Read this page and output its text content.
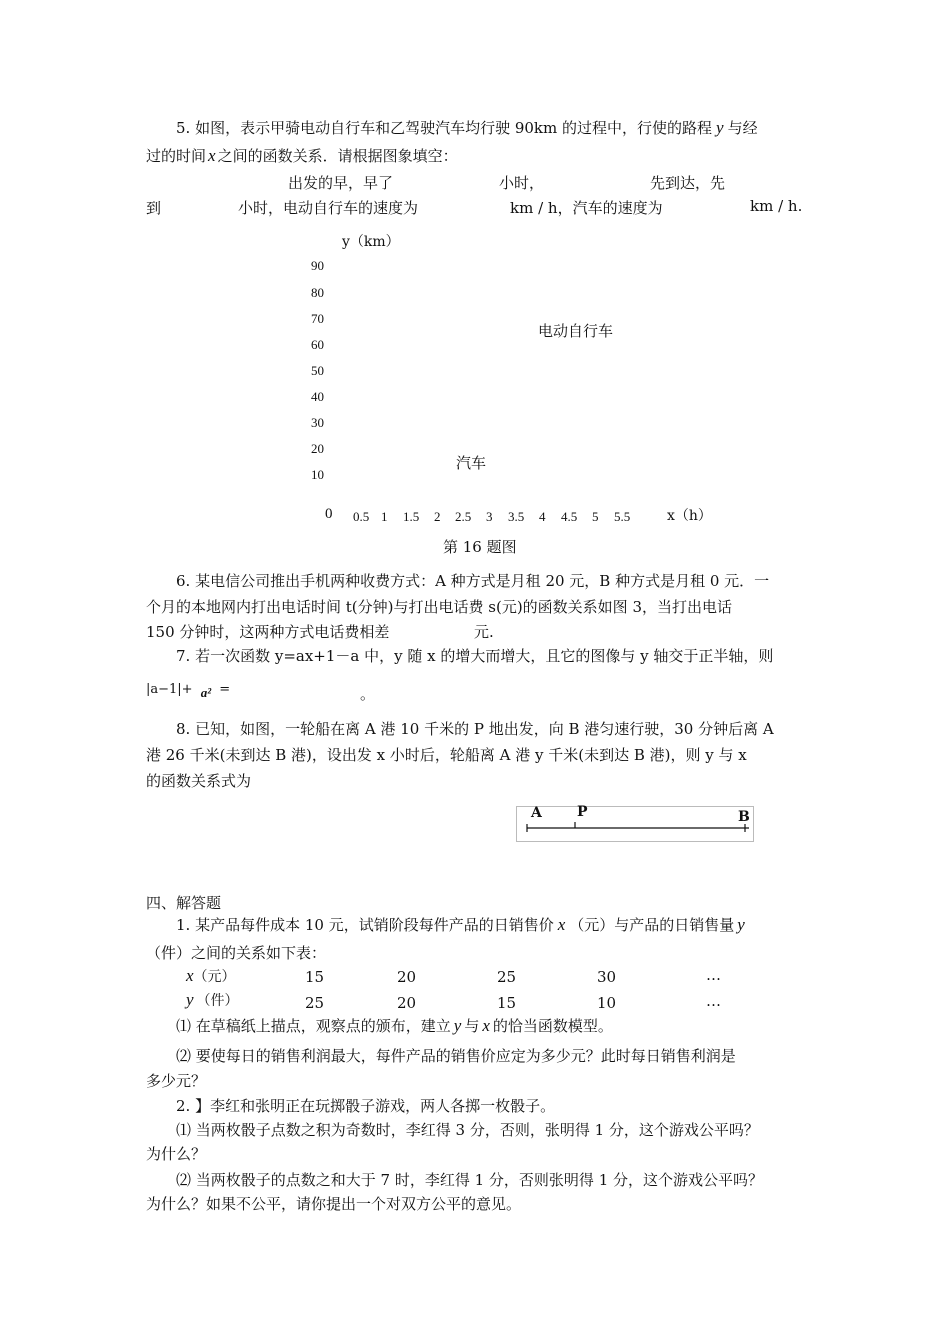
5. 如图，表示甲骑电动自行车和乙驾驶汽车均行驶 90km 的过程中，行使的路程 y 与经
过的时间 x 之间的函数关系．请根据图象填空：
出发的早，早了	小时，	先到达，先
到	小时，电动自行车的速度为	km / h，汽车的速度为	km / h.
y（km）
90
80
70
60
50
40
30
20
10
电动自行车
汽车
0 0.5 1 1.5 2 2.5 3 3.5 4 4.5 5 5.5	x（h）
第 16 题图
6. 某电信公司推出手机两种收费方式：A 种方式是月租 20 元，B 种方式是月租 0 元．一
个月的本地网内打出电话时间 t(分钟)与打出电话费 s(元)的函数关系如图 3，当打出电话
150 分钟时，这两种方式电话费相差	元.
7. 若一次函数 y=ax+1－a 中，y 随 x 的增大而增大，且它的图像与 y 轴交于正半轴，则
|a−1|+ a² =	。
8. 已知，如图，一轮船在离 A 港 10 千米的 P 地出发，向 B 港匀速行驶，30 分钟后离 A
港 26 千米(未到达 B 港)，设出发 x 小时后，轮船离 A 港 y 千米(未到达 B 港)，则 y 与 x
的函数关系式为
A	P	B
四、解答题
1. 某产品每件成本 10 元，试销阶段每件产品的日销售价 x （元）与产品的日销售量 y
（件）之间的关系如下表：
x（元）	15	20	25	30	…
y （件）	25	20	15	10	…
⑴ 在草稿纸上描点，观察点的颁布，建立 y 与 x 的恰当函数模型。
⑵ 要使每日的销售利润最大，每件产品的销售价应定为多少元？此时每日销售利润是
多少元？
2. 】李红和张明正在玩掷骰子游戏，两人各掷一枚骰子。
⑴ 当两枚骰子点数之积为奇数时，李红得 3 分，否则，张明得 1 分，这个游戏公平吗？
为什么？
⑵ 当两枚骰子的点数之和大于 7 时，李红得 1 分，否则张明得 1 分，这个游戏公平吗？
为什么？如果不公平，请你提出一个对双方公平的意见。
